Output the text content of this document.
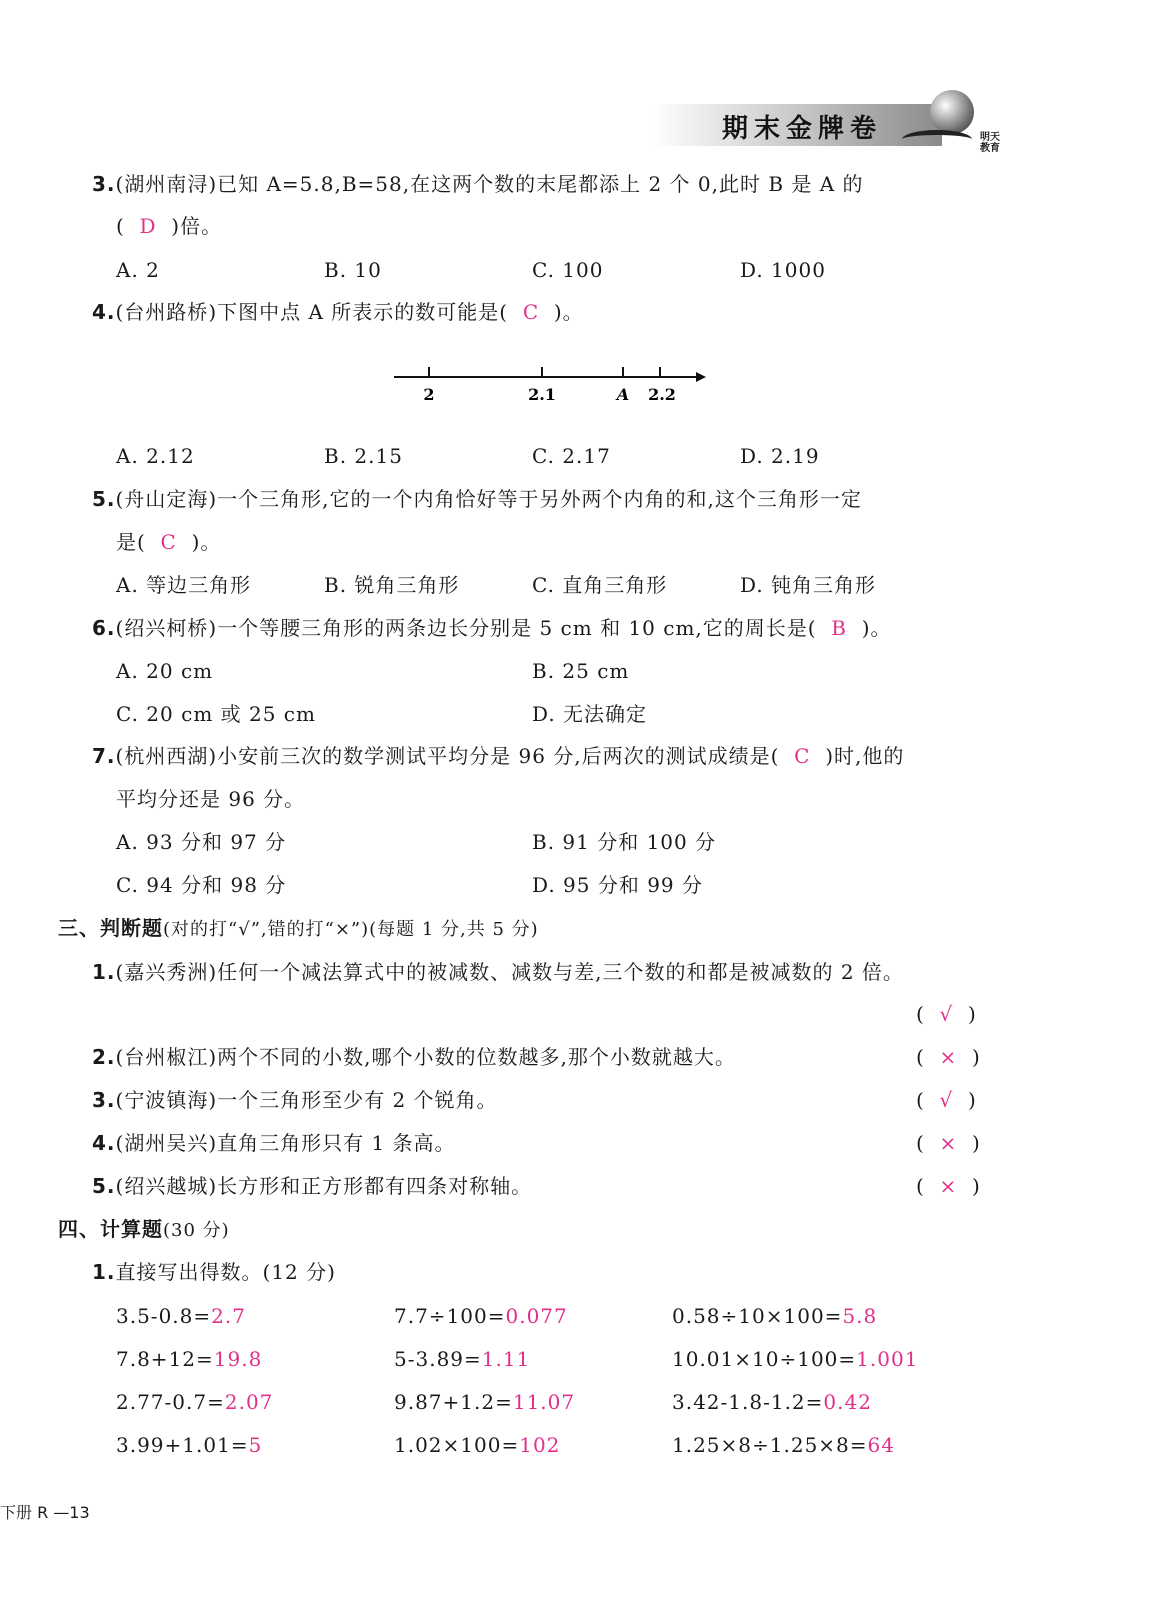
期末金牌卷	明天教育
3.(湖州南浔)已知 A=5.8,B=58,在这两个数的末尾都添上 2 个 0,此时 B 是 A 的
( D )倍。
A. 2	B. 10	C. 100	D. 1000
4.(台州路桥)下图中点 A 所表示的数可能是( C )。
2	2.1	A 2.2
A. 2.12	B. 2.15	C. 2.17	D. 2.19
5.(舟山定海)一个三角形,它的一个内角恰好等于另外两个内角的和,这个三角形一定
是( C )。
A. 等边三角形	B. 锐角三角形	C. 直角三角形	D. 钝角三角形
6.(绍兴柯桥)一个等腰三角形的两条边长分别是 5 cm 和 10 cm,它的周长是( B )。
A. 20 cm	B. 25 cm
C. 20 cm 或 25 cm	D. 无法确定
7.(杭州西湖)小安前三次的数学测试平均分是 96 分,后两次的测试成绩是( C )时,他的
平均分还是 96 分。
A. 93 分和 97 分	B. 91 分和 100 分
C. 94 分和 98 分	D. 95 分和 99 分
三、判断题(对的打“√”,错的打“×”)(每题 1 分,共 5 分)
1.(嘉兴秀洲)任何一个减法算式中的被减数、减数与差,三个数的和都是被减数的 2 倍。
(  √  )
2.(台州椒江)两个不同的小数,哪个小数的位数越多,那个小数就越大。	(  ×  )
3.(宁波镇海)一个三角形至少有 2 个锐角。	(  √  )
4.(湖州吴兴)直角三角形只有 1 条高。	(  ×  )
5.(绍兴越城)长方形和正方形都有四条对称轴。	(  ×  )
四、计算题(30 分)
1.直接写出得数。(12 分)
3.5-0.8=2.7	7.7÷100=0.077	0.58÷10×100=5.8
7.8+12=19.8	5-3.89=1.11	10.01×10÷100=1.001
2.77-0.7=2.07	9.87+1.2=11.07	3.42-1.8-1.2=0.42
3.99+1.01=5	1.02×100=102	1.25×8÷1.25×8=64
下册 R —13
